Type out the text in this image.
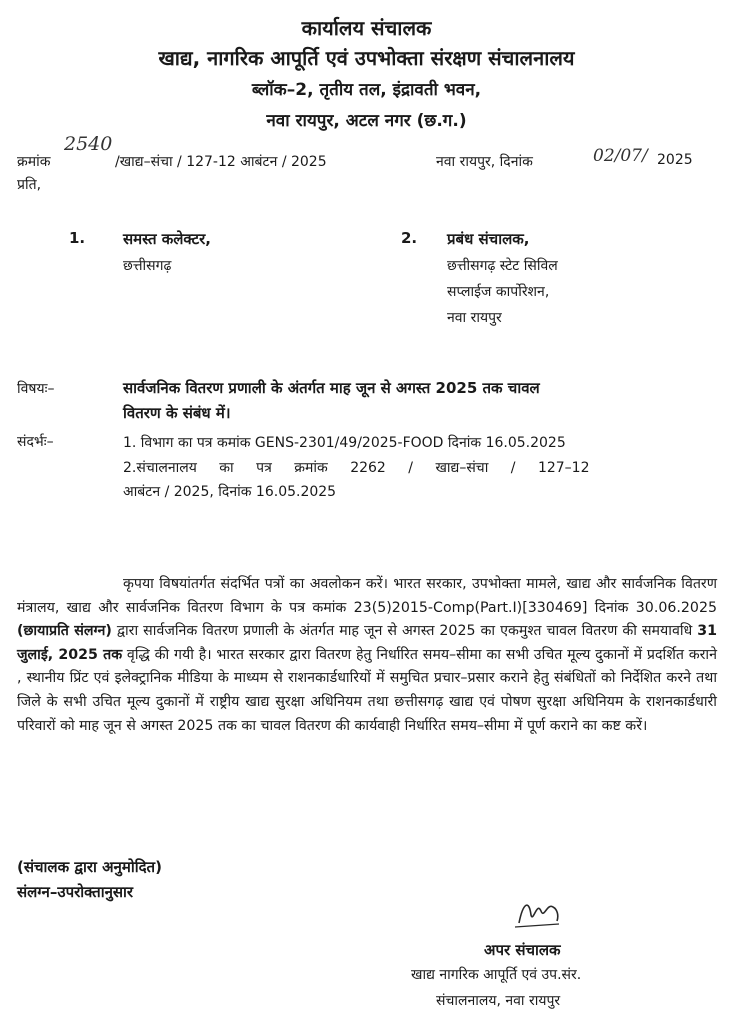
कार्यालय संचालक
खाद्य, नागरिक आपूर्ति एवं उपभोक्ता संरक्षण संचालनालय
ब्लॉक–2, तृतीय तल, इंद्रावती भवन,
नवा रायपुर, अटल नगर (छ.ग.)
क्रमांक
2540
/खाद्य–संचा / 127-12 आबंटन / 2025	नवा रायपुर, दिनांक	02/07/ 2025
प्रति,
1.	समस्त कलेक्टर,
छत्तीसगढ़
2. प्रबंध संचालक,
छत्तीसगढ़ स्टेट सिविल
सप्लाईज कार्पोरेशन,
नवा रायपुर
विषयः–	सार्वजनिक वितरण प्रणाली के अंतर्गत माह जून से अगस्त 2025 तक चावल
वितरण के संबंध में।
संदर्भः–	1. विभाग का पत्र कमांक GENS-2301/49/2025-FOOD दिनांक 16.05.2025
2.संचालनालय का पत्र क्रमांक 2262 / खाद्य–संचा / 127–12
आबंटन / 2025, दिनांक 16.05.2025
कृपया विषयांतर्गत संदर्भित पत्रों का अवलोकन करें। भारत सरकार, उपभोक्ता मामले, खाद्य और सार्वजनिक वितरण मंत्रालय, खाद्य और सार्वजनिक वितरण विभाग के पत्र कमांक 23(5)2015-Comp(Part.I)[330469] दिनांक 30.06.2025 (छायाप्रति संलग्न) द्वारा सार्वजनिक वितरण प्रणाली के अंतर्गत माह जून से अगस्त 2025 का एकमुश्त चावल वितरण की समयावधि 31 जुलाई, 2025 तक वृद्धि की गयी है। भारत सरकार द्वारा वितरण हेतु निर्धारित समय–सीमा का सभी उचित मूल्य दुकानों में प्रदर्शित कराने , स्थानीय प्रिंट एवं इलेक्ट्रानिक मीडिया के माध्यम से राशनकार्डधारियों में समुचित प्रचार–प्रसार कराने हेतु संबंधितों को निर्देशित करने तथा जिले के सभी उचित मूल्य दुकानों में राष्ट्रीय खाद्य सुरक्षा अधिनियम तथा छत्तीसगढ़ खाद्य एवं पोषण सुरक्षा अधिनियम के राशनकार्डधारी परिवारों को माह जून से अगस्त 2025 तक का चावल वितरण की कार्यवाही निर्धारित समय–सीमा में पूर्ण कराने का कष्ट करें।
(संचालक द्वारा अनुमोदित)
संलग्न–उपरोक्तानुसार
अपर संचालक
खाद्य नागरिक आपूर्ति एवं उप.संर.
संचालनालय, नवा रायपुर
